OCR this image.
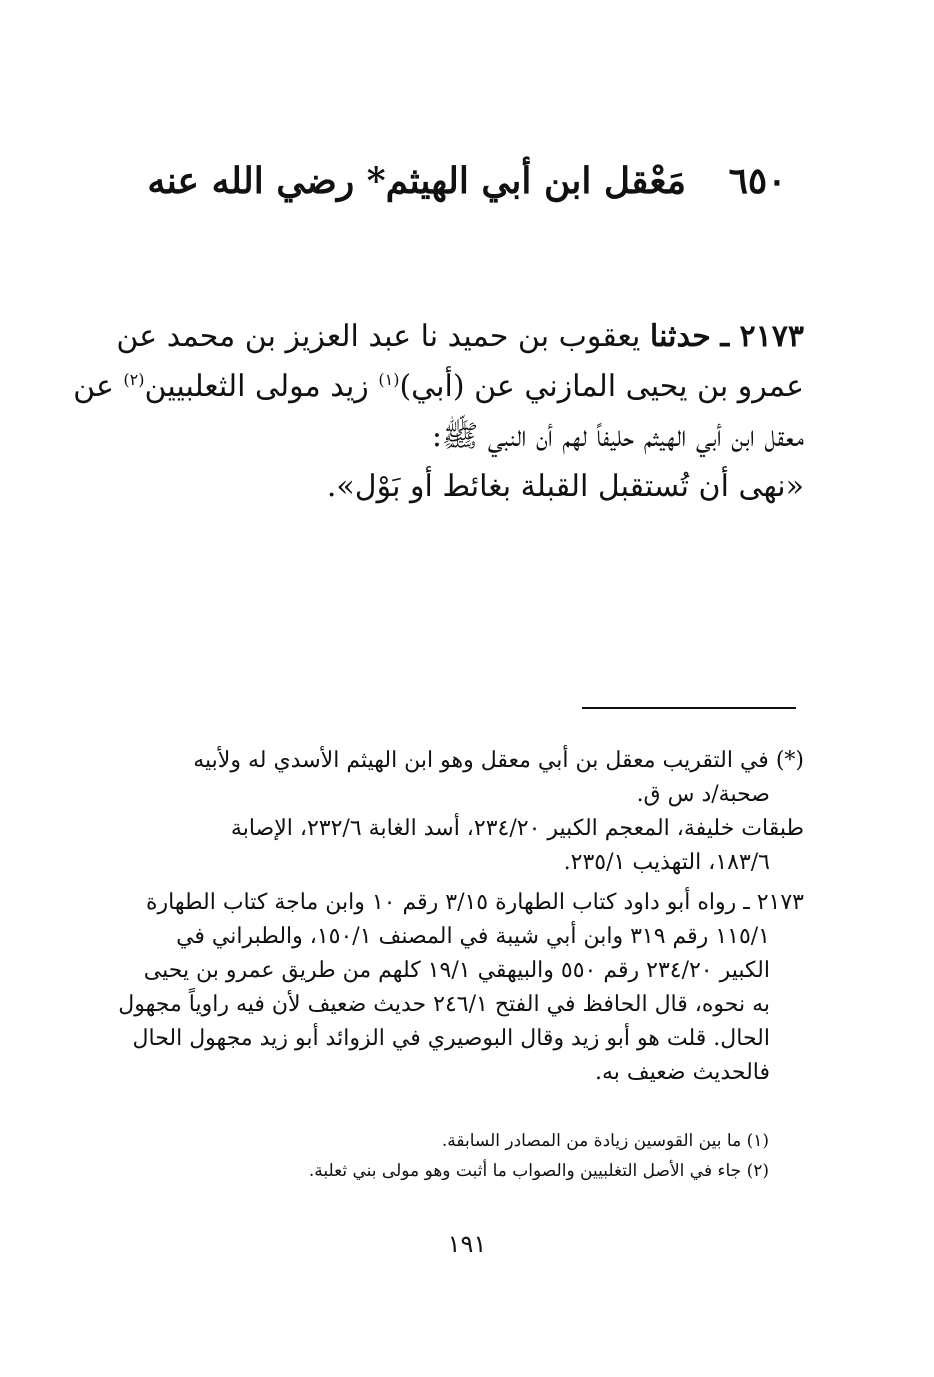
٦٥٠ مَعْقل ابن أبي الهيثم* رضي الله عنه
٢١٧٣ ـ حدثنا يعقوب بن حميد نا عبد العزيز بن محمد عن
عمرو بن يحيى المازني عن (أبي)$^{(١)}$ زيد مولى الثعلبيين$^{(٢)}$ عن
معقل ابن أبي الهيثم حليفاً لهم أن النبي ﷺ:
«نهى أن تُستقبل القبلة بغائط أو بَوْل».
(*) في التقريب معقل بن أبي معقل وهو ابن الهيثم الأسدي له ولأبيه
صحبة/د س ق.
طبقات خليفة، المعجم الكبير ٢٣٤/٢٠، أسد الغابة ٢٣٢/٦، الإصابة
١٨٣/٦، التهذيب ٢٣٥/١.
٢١٧٣ ـ رواه أبو داود كتاب الطهارة ٣/١٥ رقم ١٠ وابن ماجة كتاب الطهارة
١١٥/١ رقم ٣١٩ وابن أبي شيبة في المصنف ١٥٠/١، والطبراني في
الكبير ٢٣٤/٢٠ رقم ٥٥٠ والبيهقي ١٩/١ كلهم من طريق عمرو بن يحيى
به نحوه، قال الحافظ في الفتح ٢٤٦/١ حديث ضعيف لأن فيه راوياً مجهول
الحال. قلت هو أبو زيد وقال البوصيري في الزوائد أبو زيد مجهول الحال
فالحديث ضعيف به.
(١) ما بين القوسين زيادة من المصادر السابقة.
(٢) جاء في الأصل التغلبيين والصواب ما أثبت وهو مولى بني ثعلبة.
١٩١
